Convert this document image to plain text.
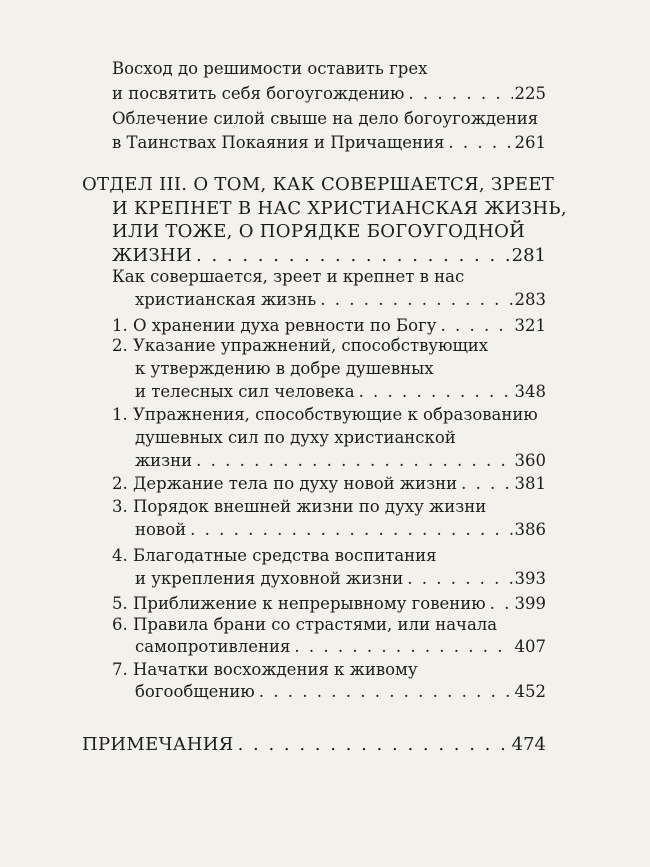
Восход до решимости оставить грех
и посвятить себя богоугождению . . .	225
Облечение силой свыше на дело богоугождения
в Таинствах Покаяния и Причащения . . .	261
ОТДЕЛ III. О ТОМ, КАК СОВЕРШАЕТСЯ, ЗРЕЕТ
И КРЕПНЕТ В НАС ХРИСТИАНСКАЯ ЖИЗНЬ,
ИЛИ ТОЖЕ, О ПОРЯДКЕ БОГОУГОДНОЙ
ЖИЗНИ . . .	281
Как совершается, зреет и крепнет в нас
христианская жизнь . . .	283
1. О хранении духа ревности по Богу . . .	321
2. Указание упражнений, способствующих
к утверждению в добре душевных
и телесных сил человека . . .	348
1. Упражнения, способствующие к образованию
душевных сил по духу христианской
жизни . . .	360
2. Держание тела по духу новой жизни . . .	381
3. Порядок внешней жизни по духу жизни
новой . . .	386
4. Благодатные средства воспитания
и укрепления духовной жизни . . .	393
5. Приближение к непрерывному говению . . . 399
6. Правила брани со страстями, или начала
самопротивления . . .	407
7. Начатки восхождения к живому
богообщению . . .	452
ПРИМЕЧАНИЯ . . .	474
